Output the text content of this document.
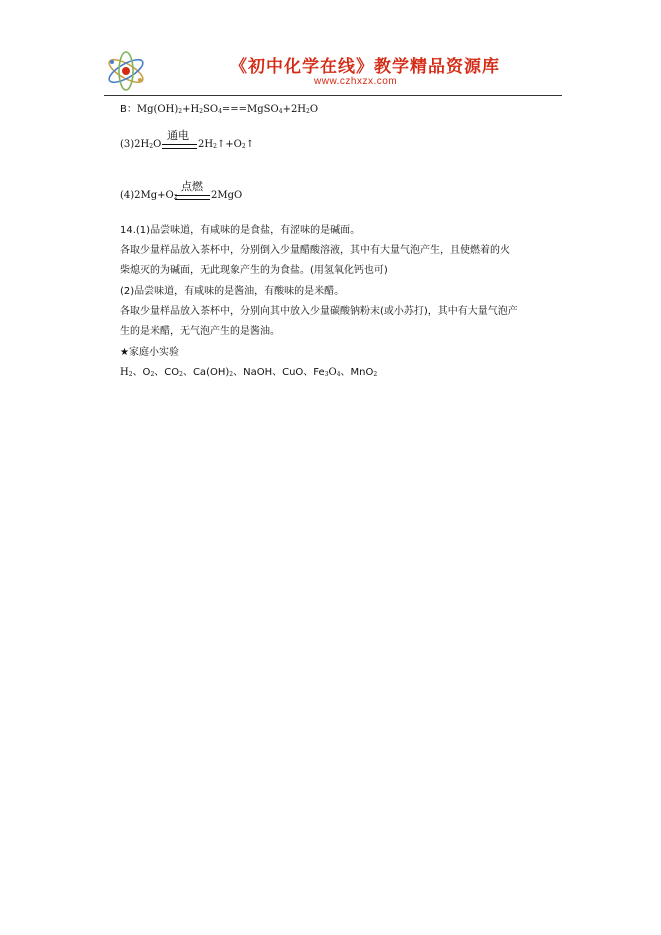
《初中化学在线》教学精品资源库
www.czhxzx.com
B：Mg(OH)2+H2SO4===MgSO4+2H2O
通电
(3)2H2O	2H2↑+O2↑
点燃
(4)2Mg+O2	2MgO
14.(1)品尝味道，有咸味的是食盐，有涩味的是碱面。
各取少量样品放入茶杯中，分别倒入少量醋酸溶液，其中有大量气泡产生，且使燃着的火
柴熄灭的为碱面，无此现象产生的为食盐。(用氢氧化钙也可)
(2)品尝味道，有咸味的是酱油，有酸味的是米醋。
各取少量样品放入茶杯中，分别向其中放入少量碳酸钠粉末(或小苏打)，其中有大量气泡产
生的是米醋，无气泡产生的是酱油。
★家庭小实验
H2、O2、CO2、Ca(OH)2、NaOH、CuO、Fe3O4、MnO2
